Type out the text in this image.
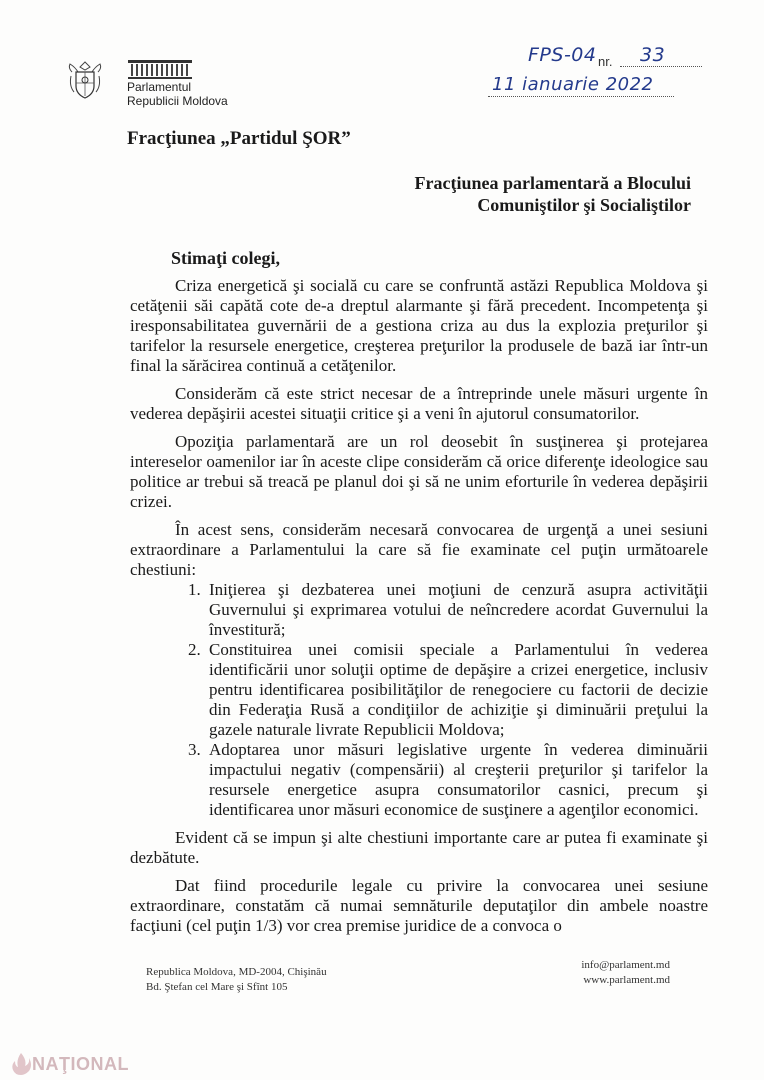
Parlamentul
Republicii Moldova
FPS-04 nr. 33
11 ianuarie 2022
Fracţiunea „Partidul ŞOR”
Fracţiunea parlamentară a Blocului
Comuniştilor şi Socialiştilor
Stimaţi colegi,

Criza energetică şi socială cu care se confruntă astăzi Republica Moldova şi cetăţenii săi capătă cote de-a dreptul alarmante şi fără precedent. Incompetenţa şi iresponsabilitatea guvernării de a gestiona criza au dus la explozia preţurilor şi tarifelor la resursele energetice, creşterea preţurilor la produsele de bază iar într-un final la sărăcirea continuă a cetăţenilor.

Considerăm că este strict necesar de a întreprinde unele măsuri urgente în vederea depăşirii acestei situaţii critice şi a veni în ajutorul consumatorilor.

Opoziţia parlamentară are un rol deosebit în susţinerea şi protejarea intereselor oamenilor iar în aceste clipe considerăm că orice diferenţe ideologice sau politice ar trebui să treacă pe planul doi şi să ne unim eforturile în vederea depăşirii crizei.

În acest sens, considerăm necesară convocarea de urgenţă a unei sesiuni extraordinare a Parlamentului la care să fie examinate cel puţin următoarele chestiuni:

1. Iniţierea şi dezbaterea unei moţiuni de cenzură asupra activităţii Guvernului şi exprimarea votului de neîncredere acordat Guvernului la învestitură;
2. Constituirea unei comisii speciale a Parlamentului în vederea identificării unor soluţii optime de depăşire a crizei energetice, inclusiv pentru identificarea posibilităţilor de renegociere cu factorii de decizie din Federaţia Rusă a condiţiilor de achiziţie şi diminuării preţului la gazele naturale livrate Republicii Moldova;
3. Adoptarea unor măsuri legislative urgente în vederea diminuării impactului negativ (compensării) al creşterii preţurilor şi tarifelor la resursele energetice asupra consumatorilor casnici, precum şi identificarea unor măsuri economice de susţinere a agenţilor economici.

Evident că se impun şi alte chestiuni importante care ar putea fi examinate şi dezbătute.

Dat fiind procedurile legale cu privire la convocarea unei sesiune extraordinare, constatăm că numai semnăturile deputaţilor din ambele noastre facţiuni (cel puţin 1/3) vor crea premise juridice de a convoca o

Republica Moldova, MD-2004, Chişinău
Bd. Ştefan cel Mare şi Sfînt 105
info@parlament.md
www.parlament.md
NAŢIONAL
